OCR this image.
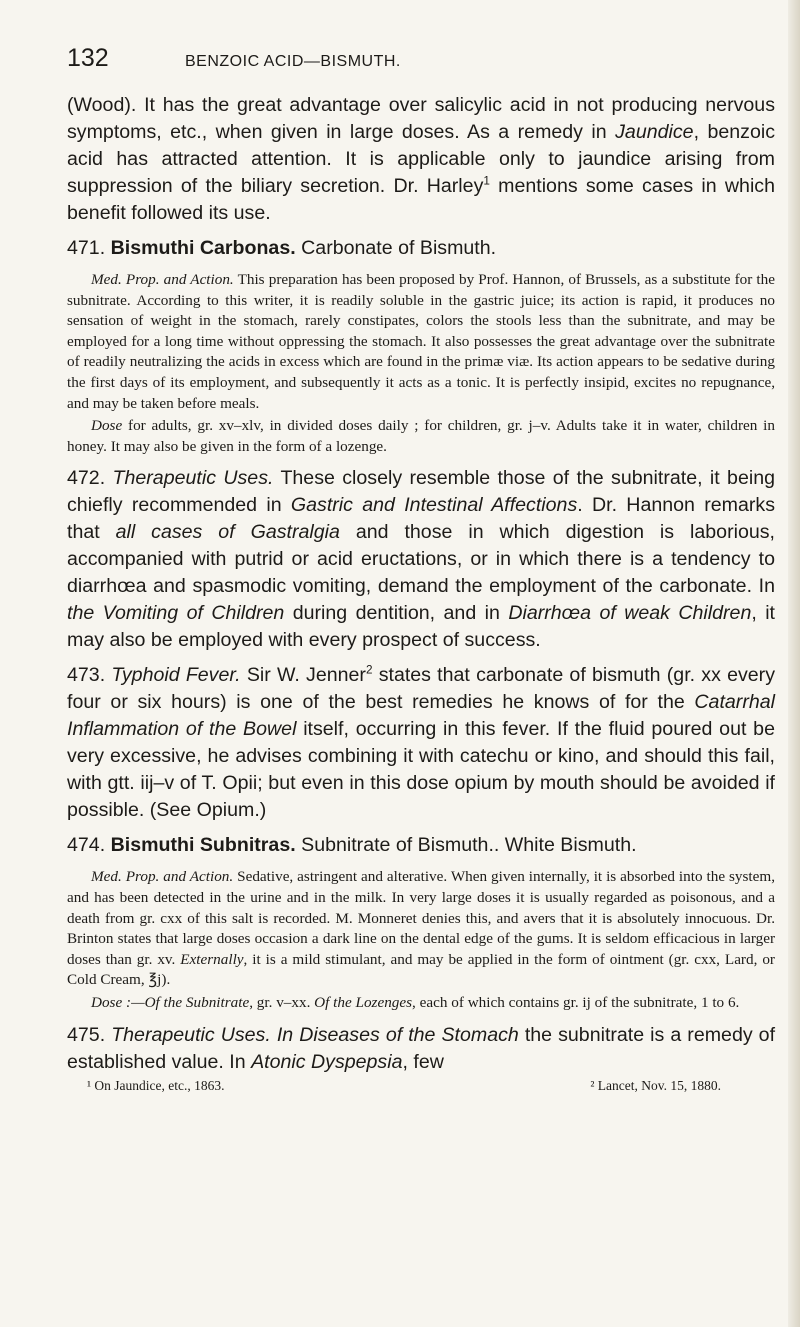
132	BENZOIC ACID—BISMUTH.

(Wood). It has the great advantage over salicylic acid in not producing nervous symptoms, etc., when given in large doses. As a remedy in Jaundice, benzoic acid has attracted attention. It is applicable only to jaundice arising from suppression of the biliary secretion. Dr. Harley$^1$ mentions some cases in which benefit followed its use.

471. Bismuthi Carbonas. Carbonate of Bismuth.

Med. Prop. and Action. This preparation has been proposed by Prof. Hannon, of Brussels, as a substitute for the subnitrate. According to this writer, it is readily soluble in the gastric juice; its action is rapid, it produces no sensation of weight in the stomach, rarely constipates, colors the stools less than the subnitrate, and may be employed for a long time without oppressing the stomach. It also possesses the great advantage over the subnitrate of readily neutralizing the acids in excess which are found in the primæ viæ. Its action appears to be sedative during the first days of its employment, and subsequently it acts as a tonic. It is perfectly insipid, excites no repugnance, and may be taken before meals.

Dose for adults, gr. xv–xlv, in divided doses daily ; for children, gr. j–v. Adults take it in water, children in honey. It may also be given in the form of a lozenge.

472. Therapeutic Uses. These closely resemble those of the subnitrate, it being chiefly recommended in Gastric and Intestinal Affections. Dr. Hannon remarks that all cases of Gastralgia and those in which digestion is laborious, accompanied with putrid or acid eructations, or in which there is a tendency to diarrhœa and spasmodic vomiting, demand the employment of the carbonate. In the Vomiting of Children during dentition, and in Diarrhœa of weak Children, it may also be employed with every prospect of success.

473. Typhoid Fever. Sir W. Jenner$^2$ states that carbonate of bismuth (gr. xx every four or six hours) is one of the best remedies he knows of for the Catarrhal Inflammation of the Bowel itself, occurring in this fever. If the fluid poured out be very excessive, he advises combining it with catechu or kino, and should this fail, with gtt. iij–v of T. Opii; but even in this dose opium by mouth should be avoided if possible. (See Opium.)

474. Bismuthi Subnitras. Subnitrate of Bismuth.. White Bismuth.

Med. Prop. and Action. Sedative, astringent and alterative. When given internally, it is absorbed into the system, and has been detected in the urine and in the milk. In very large doses it is usually regarded as poisonous, and a death from gr. cxx of this salt is recorded. M. Monneret denies this, and avers that it is absolutely innocuous. Dr. Brinton states that large doses occasion a dark line on the dental edge of the gums. It is seldom efficacious in larger doses than gr. xv. Externally, it is a mild stimulant, and may be applied in the form of ointment (gr. cxx, Lard, or Cold Cream, ℥j).

Dose :—Of the Subnitrate, gr. v–xx. Of the Lozenges, each of which contains gr. ij of the subnitrate, 1 to 6.

475. Therapeutic Uses. In Diseases of the Stomach the subnitrate is a remedy of established value. In Atonic Dyspepsia, few

¹ On Jaundice, etc., 1863.	² Lancet, Nov. 15, 1880.
